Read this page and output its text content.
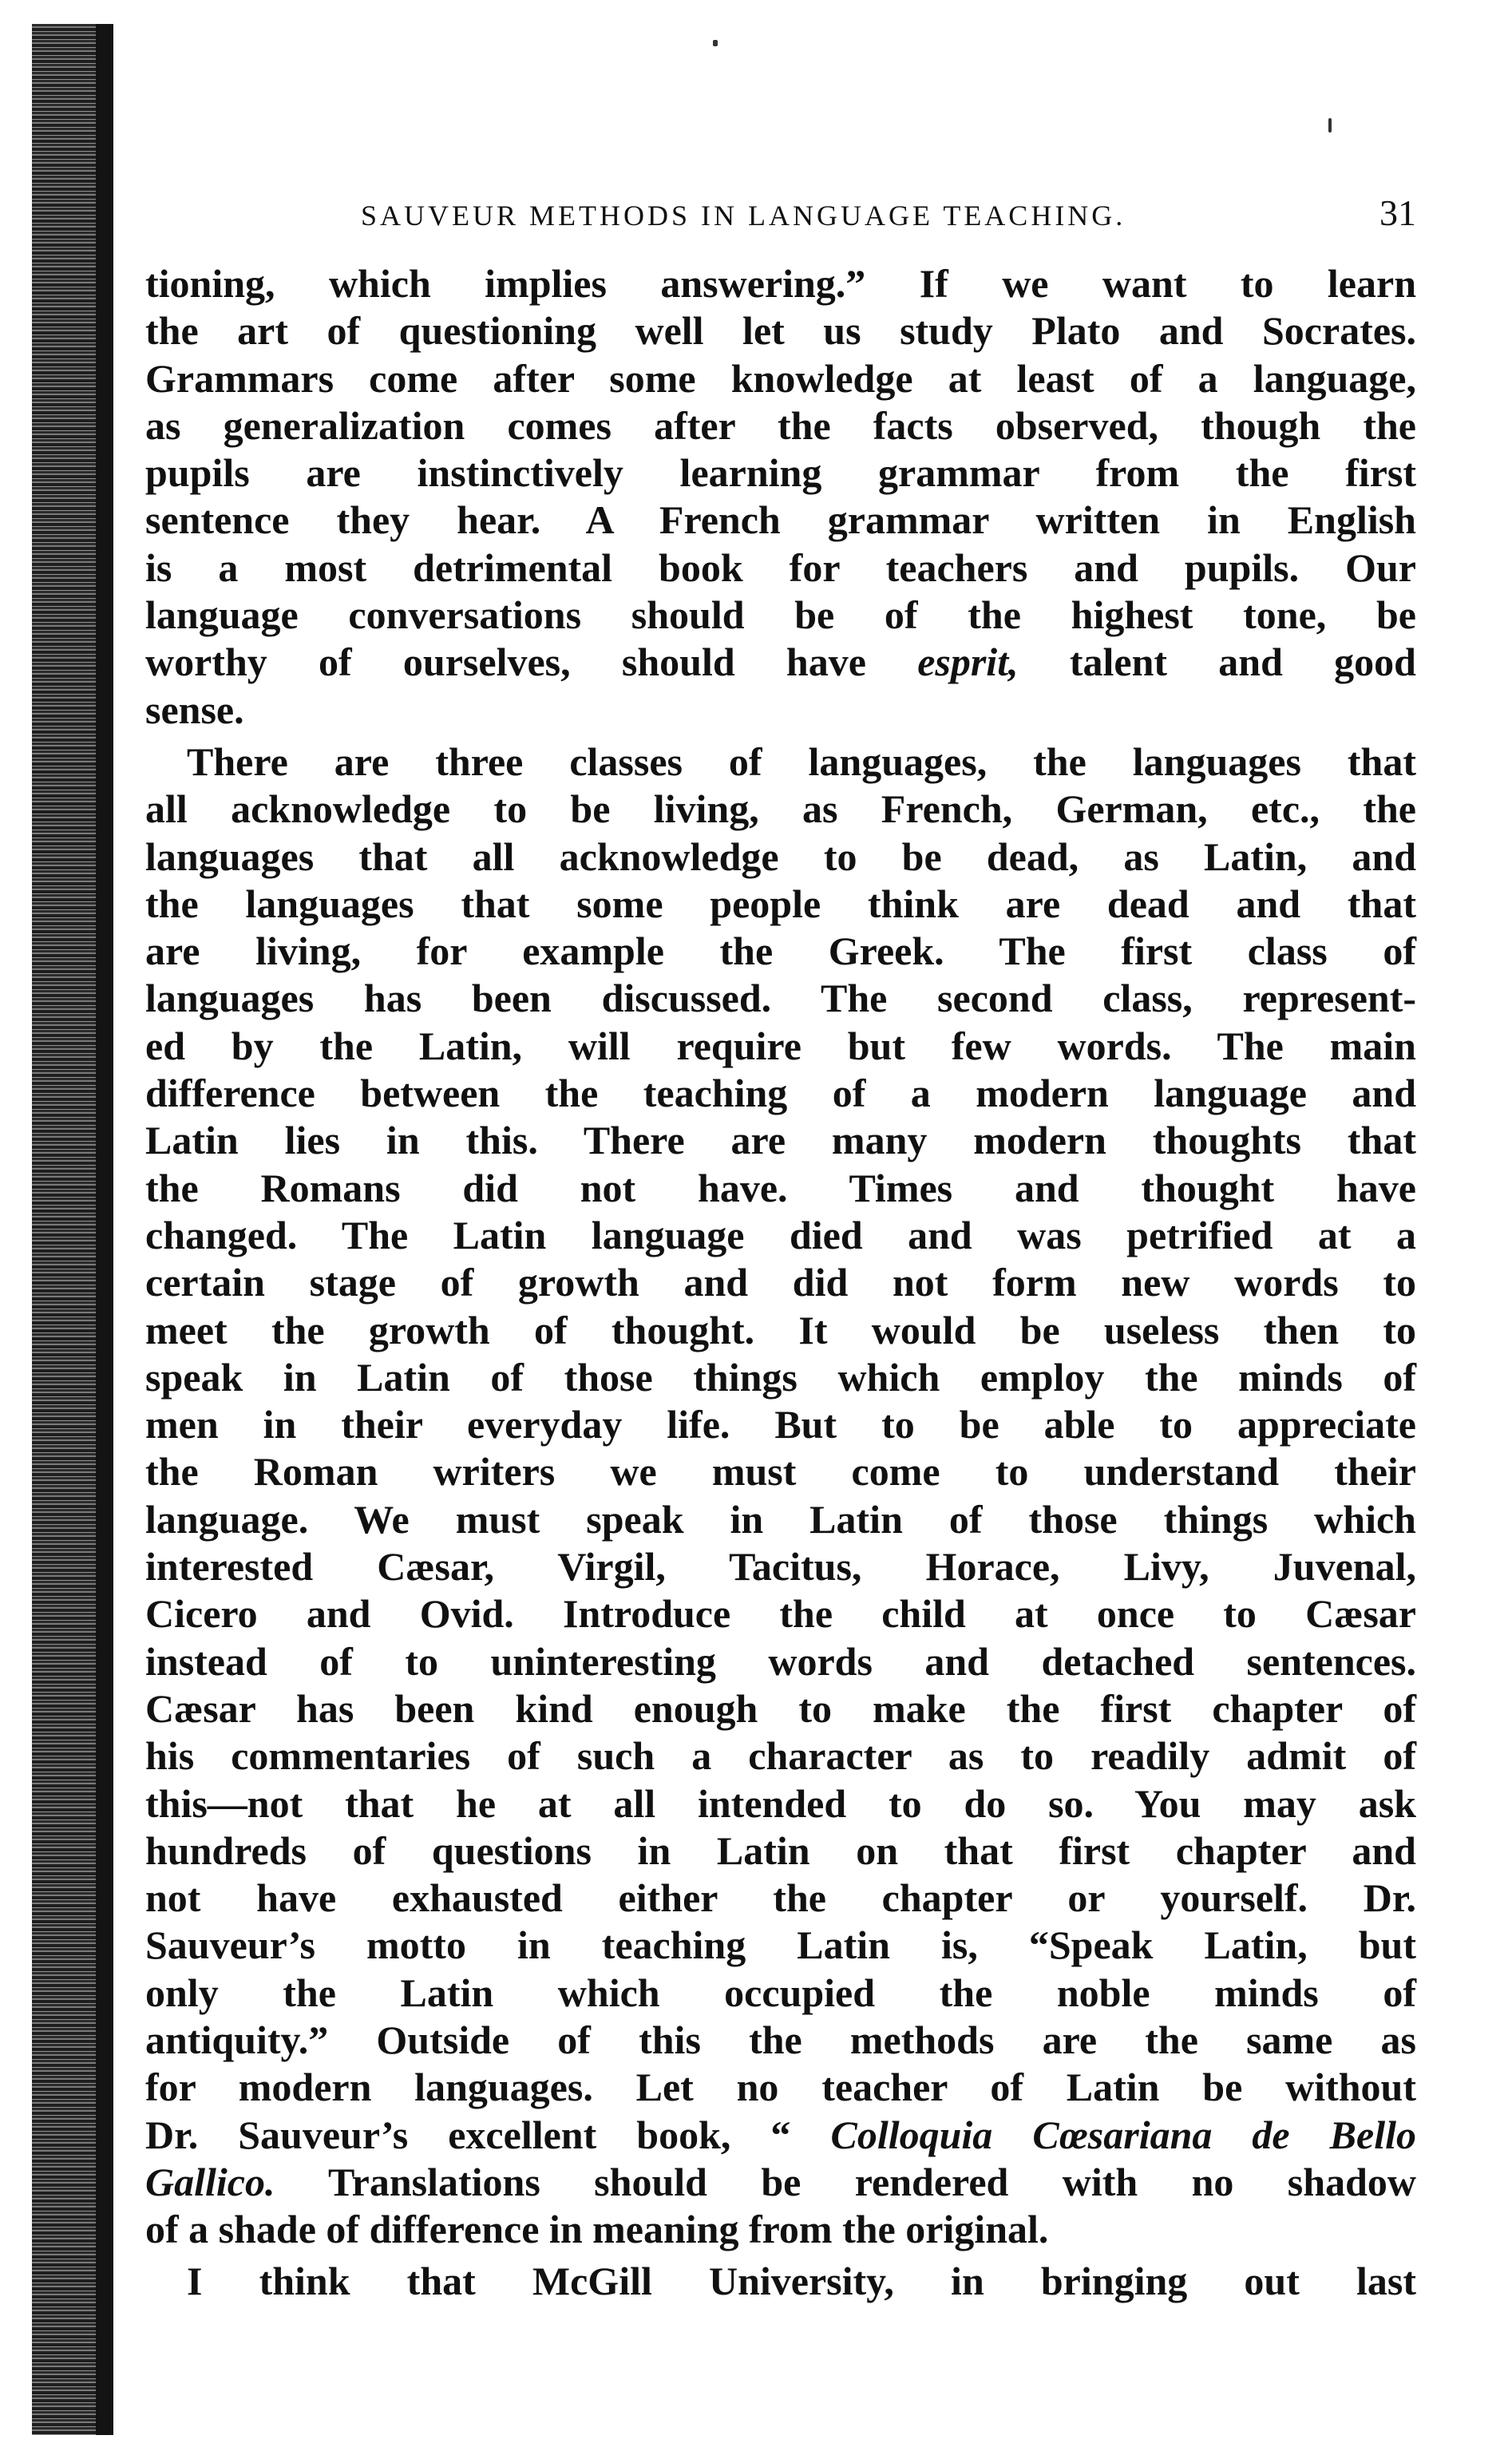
SAUVEUR METHODS IN LANGUAGE TEACHING.	31
tioning, which implies answering.” If we want to learn
the art of questioning well let us study Plato and Socrates.
Grammars come after some knowledge at least of a language,
as generalization comes after the facts observed, though the
pupils are instinctively learning grammar from the first
sentence they hear. A French grammar written in English
is a most detrimental book for teachers and pupils. Our
language conversations should be of the highest tone, be
worthy of ourselves, should have esprit, talent and good
sense.
There are three classes of languages, the languages that
all acknowledge to be living, as French, German, etc., the
languages that all acknowledge to be dead, as Latin, and
the languages that some people think are dead and that
are living, for example the Greek. The first class of
languages has been discussed. The second class, represent-
ed by the Latin, will require but few words. The main
difference between the teaching of a modern language and
Latin lies in this. There are many modern thoughts that
the Romans did not have. Times and thought have
changed. The Latin language died and was petrified at a
certain stage of growth and did not form new words to
meet the growth of thought. It would be useless then to
speak in Latin of those things which employ the minds of
men in their everyday life. But to be able to appreciate
the Roman writers we must come to understand their
language. We must speak in Latin of those things which
interested Cæsar, Virgil, Tacitus, Horace, Livy, Juvenal,
Cicero and Ovid. Introduce the child at once to Cæsar
instead of to uninteresting words and detached sentences.
Cæsar has been kind enough to make the first chapter of
his commentaries of such a character as to readily admit of
this—not that he at all intended to do so. You may ask
hundreds of questions in Latin on that first chapter and
not have exhausted either the chapter or yourself. Dr.
Sauveur’s motto in teaching Latin is, “Speak Latin, but
only the Latin which occupied the noble minds of
antiquity.” Outside of this the methods are the same as
for modern languages. Let no teacher of Latin be without
Dr. Sauveur’s excellent book, “ Colloquia Cœsariana de Bello
Gallico. Translations should be rendered with no shadow
of a shade of difference in meaning from the original.
I think that McGill University, in bringing out last
